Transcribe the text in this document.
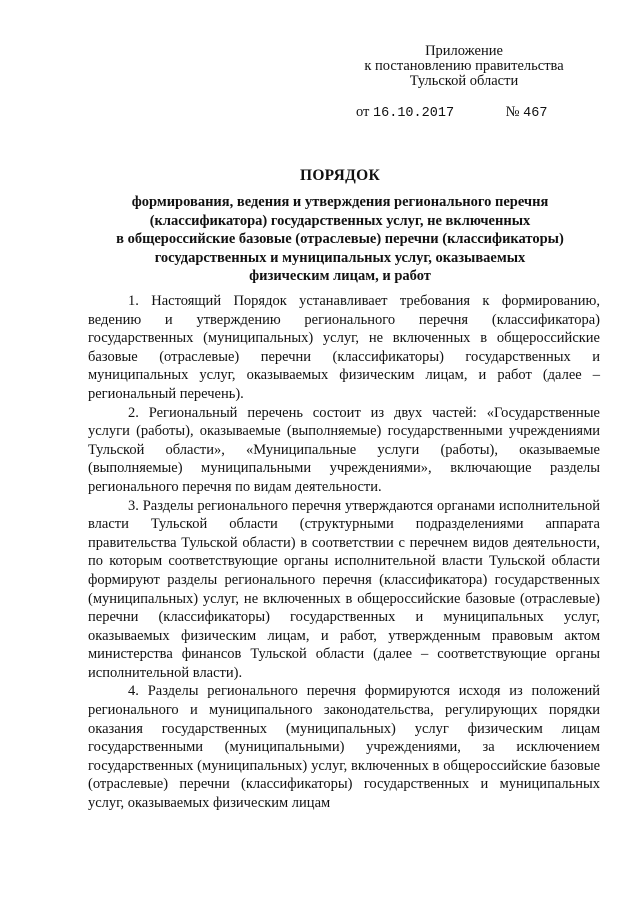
Приложение
к постановлению правительства
Тульской области
от 16.10.2017	№ 467
ПОРЯДОК
формирования, ведения и утверждения регионального перечня
(классификатора) государственных услуг, не включенных
в общероссийские базовые (отраслевые) перечни (классификаторы)
государственных и муниципальных услуг, оказываемых
физическим лицам, и работ

1. Настоящий Порядок устанавливает требования к формированию, ведению и утверждению регионального перечня (классификатора) государственных (муниципальных) услуг, не включенных в общероссийские базовые (отраслевые) перечни (классификаторы) государственных и муниципальных услуг, оказываемых физическим лицам, и работ (далее – региональный перечень).

2. Региональный перечень состоит из двух частей: «Государственные услуги (работы), оказываемые (выполняемые) государственными учреждениями Тульской области», «Муниципальные услуги (работы), оказываемые (выполняемые) муниципальными учреждениями», включающие разделы регионального перечня по видам деятельности.

3. Разделы регионального перечня утверждаются органами исполнительной власти Тульской области (структурными подразделениями аппарата правительства Тульской области) в соответствии с перечнем видов деятельности, по которым соответствующие органы исполнительной власти Тульской области формируют разделы регионального перечня (классификатора) государственных (муниципальных) услуг, не включенных в общероссийские базовые (отраслевые) перечни (классификаторы) государственных и муниципальных услуг, оказываемых физическим лицам, и работ, утвержденным правовым актом министерства финансов Тульской области (далее – соответствующие органы исполнительной власти).

4. Разделы регионального перечня формируются исходя из положений регионального и муниципального законодательства, регулирующих порядки оказания государственных (муниципальных) услуг физическим лицам государственными (муниципальными) учреждениями, за исключением государственных (муниципальных) услуг, включенных в общероссийские базовые (отраслевые) перечни (классификаторы) государственных и муниципальных услуг, оказываемых физическим лицам
